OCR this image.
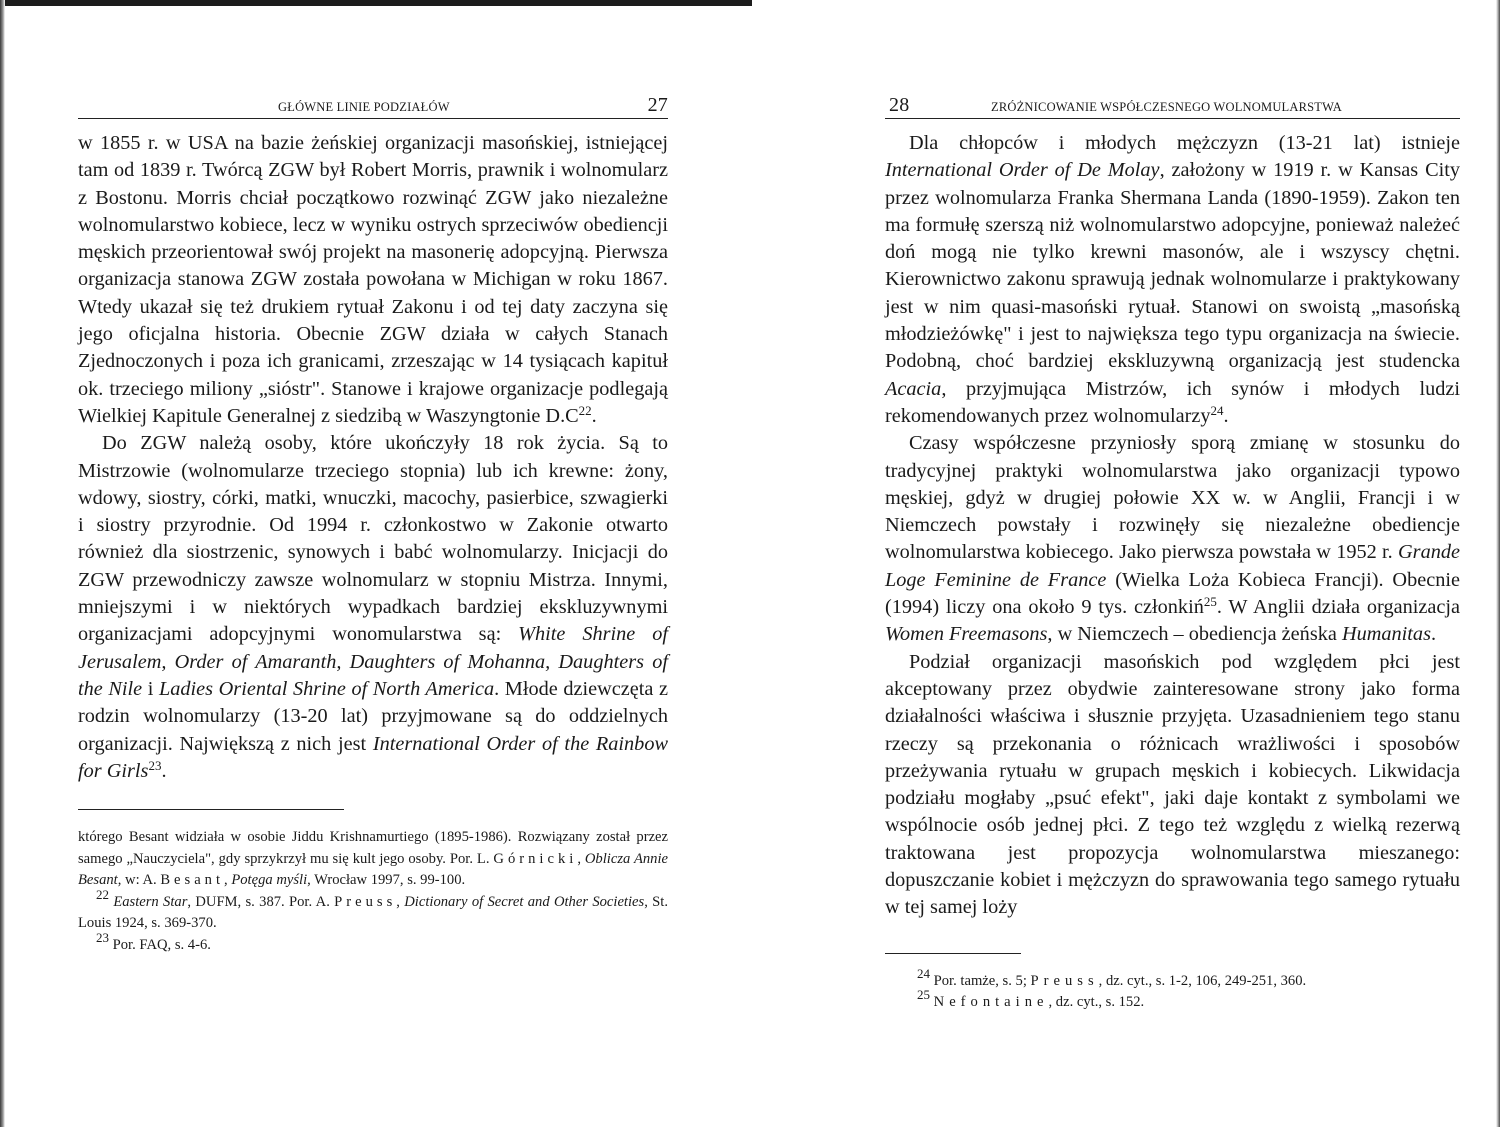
GŁÓWNE LINIE PODZIAŁÓW	27

w 1855 r. w USA na bazie żeńskiej organizacji masońskiej, istniejącej tam od 1839 r. Twórcą ZGW był Robert Morris, prawnik i wolnomularz z Bostonu. Morris chciał początkowo rozwinąć ZGW jako niezależne wolnomularstwo kobiece, lecz w wyniku ostrych sprzeciwów obediencji męskich przeorientował swój projekt na masonerię adopcyjną. Pierwsza organizacja stanowa ZGW została powołana w Michigan w roku 1867. Wtedy ukazał się też drukiem rytuał Zakonu i od tej daty zaczyna się jego oficjalna historia. Obecnie ZGW działa w całych Stanach Zjednoczonych i poza ich granicami, zrzeszając w 14 tysiącach kapituł ok. trzeciego miliony „sióstr". Stanowe i krajowe organizacje podlegają Wielkiej Kapitule Generalnej z siedzibą w Waszyngtonie $D.C^{22}$.

Do ZGW należą osoby, które ukończyły 18 rok życia. Są to Mistrzowie (wolnomularze trzeciego stopnia) lub ich krewne: żony, wdowy, siostry, córki, matki, wnuczki, macochy, pasierbice, szwagierki i siostry przyrodnie. Od 1994 r. członkostwo w Zakonie otwarto również dla siostrzenic, synowych i babć wolnomularzy. Inicjacji do ZGW przewodniczy zawsze wolnomularz w stopniu Mistrza. Innymi, mniejszymi i w niektórych wypadkach bardziej ekskluzywnymi organizacjami adopcyjnymi wonomularstwa są: White Shrine of Jerusalem, Order of Amaranth, Daughters of Mohanna, Daughters of the Nile i Ladies Oriental Shrine of North America. Młode dziewczęta z rodzin wolnomularzy (13-20 lat) przyjmowane są do oddzielnych organizacji. Największą z nich jest International Order of the Rainbow for Girls$^{23}$.

którego Besant widziała w osobie Jiddu Krishnamurtiego (1895-1986). Rozwiązany został przez samego „Nauczyciela", gdy sprzykrzył mu się kult jego osoby. Por. L. Górnicki, Oblicza Annie Besant, w: A. Besant, Potęga myśli, Wrocław 1997, s. 99-100.

$^{22}$ Eastern Star, DUFM, s. 387. Por. A. Preuss, Dictionary of Secret and Other Societies, St. Louis 1924, s. 369-370.

$^{23}$ Por. FAQ, s. 4-6.

28	ZRÓŻNICOWANIE WSPÓŁCZESNEGO WOLNOMULARSTWA

Dla chłopców i młodych mężczyzn (13-21 lat) istnieje International Order of De Molay, założony w 1919 r. w Kansas City przez wolnomularza Franka Shermana Landa (1890-1959). Zakon ten ma formułę szerszą niż wolnomularstwo adopcyjne, ponieważ należeć doń mogą nie tylko krewni masonów, ale i wszyscy chętni. Kierownictwo zakonu sprawują jednak wolnomularze i praktykowany jest w nim quasi-masoński rytuał. Stanowi on swoistą „masońską młodzieżówkę" i jest to największa tego typu organizacja na świecie. Podobną, choć bardziej ekskluzywną organizacją jest studencka Acacia, przyjmująca Mistrzów, ich synów i młodych ludzi rekomendowanych przez wolnomularzy$^{24}$.

Czasy współczesne przyniosły sporą zmianę w stosunku do tradycyjnej praktyki wolnomularstwa jako organizacji typowo męskiej, gdyż w drugiej połowie XX w. w Anglii, Francji i w Niemczech powstały i rozwinęły się niezależne obediencje wolnomularstwa kobiecego. Jako pierwsza powstała w 1952 r. Grande Loge Feminine de France (Wielka Loża Kobieca Francji). Obecnie (1994) liczy ona około 9 tys. członkiń$^{25}$. W Anglii działa organizacja Women Freemasons, w Niemczech – obediencja żeńska Humanitas.

Podział organizacji masońskich pod względem płci jest akceptowany przez obydwie zainteresowane strony jako forma działalności właściwa i słusznie przyjęta. Uzasadnieniem tego stanu rzeczy są przekonania o różnicach wrażliwości i sposobów przeżywania rytuału w grupach męskich i kobiecych. Likwidacja podziału mogłaby „psuć efekt", jaki daje kontakt z symbolami we wspólnocie osób jednej płci. Z tego też względu z wielką rezerwą traktowana jest propozycja wolnomularstwa mieszanego: dopuszczanie kobiet i mężczyzn do sprawowania tego samego rytuału w tej samej loży

$^{24}$ Por. tamże, s. 5; Preuss, dz. cyt., s. 1-2, 106, 249-251, 360.

$^{25}$ Nefontaine, dz. cyt., s. 152.
